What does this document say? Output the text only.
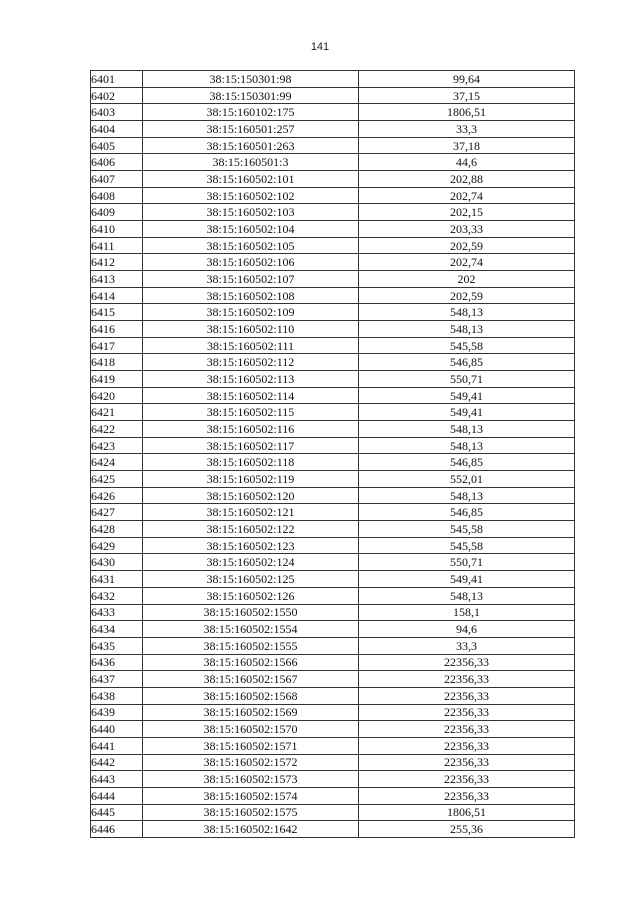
141
6401	38:15:150301:98	99,64
6402	38:15:150301:99	37,15
6403	38:15:160102:175	1806,51
6404	38:15:160501:257	33,3
6405	38:15:160501:263	37,18
6406	38:15:160501:3	44,6
6407	38:15:160502:101	202,88
6408	38:15:160502:102	202,74
6409	38:15:160502:103	202,15
6410	38:15:160502:104	203,33
6411	38:15:160502:105	202,59
6412	38:15:160502:106	202,74
6413	38:15:160502:107	202
6414	38:15:160502:108	202,59
6415	38:15:160502:109	548,13
6416	38:15:160502:110	548,13
6417	38:15:160502:111	545,58
6418	38:15:160502:112	546,85
6419	38:15:160502:113	550,71
6420	38:15:160502:114	549,41
6421	38:15:160502:115	549,41
6422	38:15:160502:116	548,13
6423	38:15:160502:117	548,13
6424	38:15:160502:118	546,85
6425	38:15:160502:119	552,01
6426	38:15:160502:120	548,13
6427	38:15:160502:121	546,85
6428	38:15:160502:122	545,58
6429	38:15:160502:123	545,58
6430	38:15:160502:124	550,71
6431	38:15:160502:125	549,41
6432	38:15:160502:126	548,13
6433	38:15:160502:1550	158,1
6434	38:15:160502:1554	94,6
6435	38:15:160502:1555	33,3
6436	38:15:160502:1566	22356,33
6437	38:15:160502:1567	22356,33
6438	38:15:160502:1568	22356,33
6439	38:15:160502:1569	22356,33
6440	38:15:160502:1570	22356,33
6441	38:15:160502:1571	22356,33
6442	38:15:160502:1572	22356,33
6443	38:15:160502:1573	22356,33
6444	38:15:160502:1574	22356,33
6445	38:15:160502:1575	1806,51
6446	38:15:160502:1642	255,36
